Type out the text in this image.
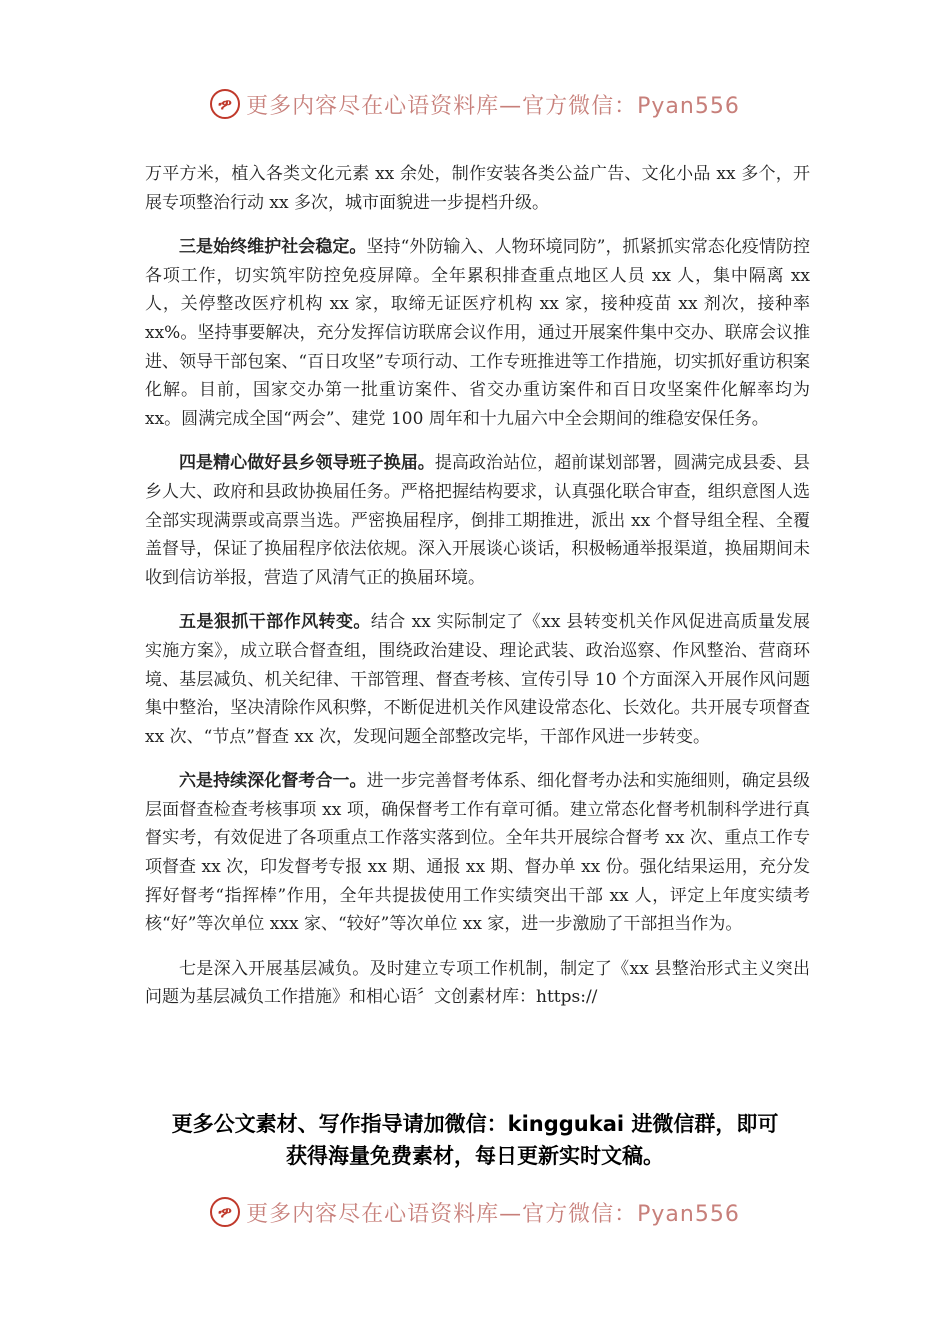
ዏ 更多内容尽在心语资料库—官方微信：Pyan556

万平方米，植入各类文化元素 xx 余处，制作安装各类公益广告、文化小品 xx 多个，开展专项整治行动 xx 多次，城市面貌进一步提档升级。

三是始终维护社会稳定。坚持“外防输入、人物环境同防”，抓紧抓实常态化疫情防控各项工作，切实筑牢防控免疫屏障。全年累积排查重点地区人员 xx 人，集中隔离 xx 人，关停整改医疗机构 xx 家，取缔无证医疗机构 xx 家，接种疫苗 xx 剂次，接种率 xx%。坚持事要解决，充分发挥信访联席会议作用，通过开展案件集中交办、联席会议推进、领导干部包案、“百日攻坚”专项行动、工作专班推进等工作措施，切实抓好重访积案化解。目前，国家交办第一批重访案件、省交办重访案件和百日攻坚案件化解率均为 xx。圆满完成全国“两会”、建党 100 周年和十九届六中全会期间的维稳安保任务。

四是精心做好县乡领导班子换届。提高政治站位，超前谋划部署，圆满完成县委、县乡人大、政府和县政协换届任务。严格把握结构要求，认真强化联合审查，组织意图人选全部实现满票或高票当选。严密换届程序，倒排工期推进，派出 xx 个督导组全程、全覆盖督导，保证了换届程序依法依规。深入开展谈心谈话，积极畅通举报渠道，换届期间未收到信访举报，营造了风清气正的换届环境。

五是狠抓干部作风转变。结合 xx 实际制定了《xx 县转变机关作风促进高质量发展实施方案》，成立联合督查组，围绕政治建设、理论武装、政治巡察、作风整治、营商环境、基层减负、机关纪律、干部管理、督查考核、宣传引导 10 个方面深入开展作风问题集中整治，坚决清除作风积弊，不断促进机关作风建设常态化、长效化。共开展专项督查 xx 次、“节点”督查 xx 次，发现问题全部整改完毕，干部作风进一步转变。

六是持续深化督考合一。进一步完善督考体系、细化督考办法和实施细则，确定县级层面督查检查考核事项 xx 项，确保督考工作有章可循。建立常态化督考机制科学进行真督实考，有效促进了各项重点工作落实落到位。全年共开展综合督考 xx 次、重点工作专项督查 xx 次，印发督考专报 xx 期、通报 xx 期、督办单 xx 份。强化结果运用，充分发挥好督考“指挥棒”作用，全年共提拔使用工作实绩突出干部 xx 人，评定上年度实绩考核“好”等次单位 xxx 家、“较好”等次单位 xx 家，进一步激励了干部担当作为。

七是深入开展基层减负。及时建立专项工作机制，制定了《xx 县整治形式主义突出问题为基层减负工作措施》和相心语〞文创素材库：https://

更多公文素材、写作指导请加微信：kinggukai 进微信群，即可
获得海量免费素材，每日更新实时文稿。
ዏ 更多内容尽在心语资料库—官方微信：Pyan556
